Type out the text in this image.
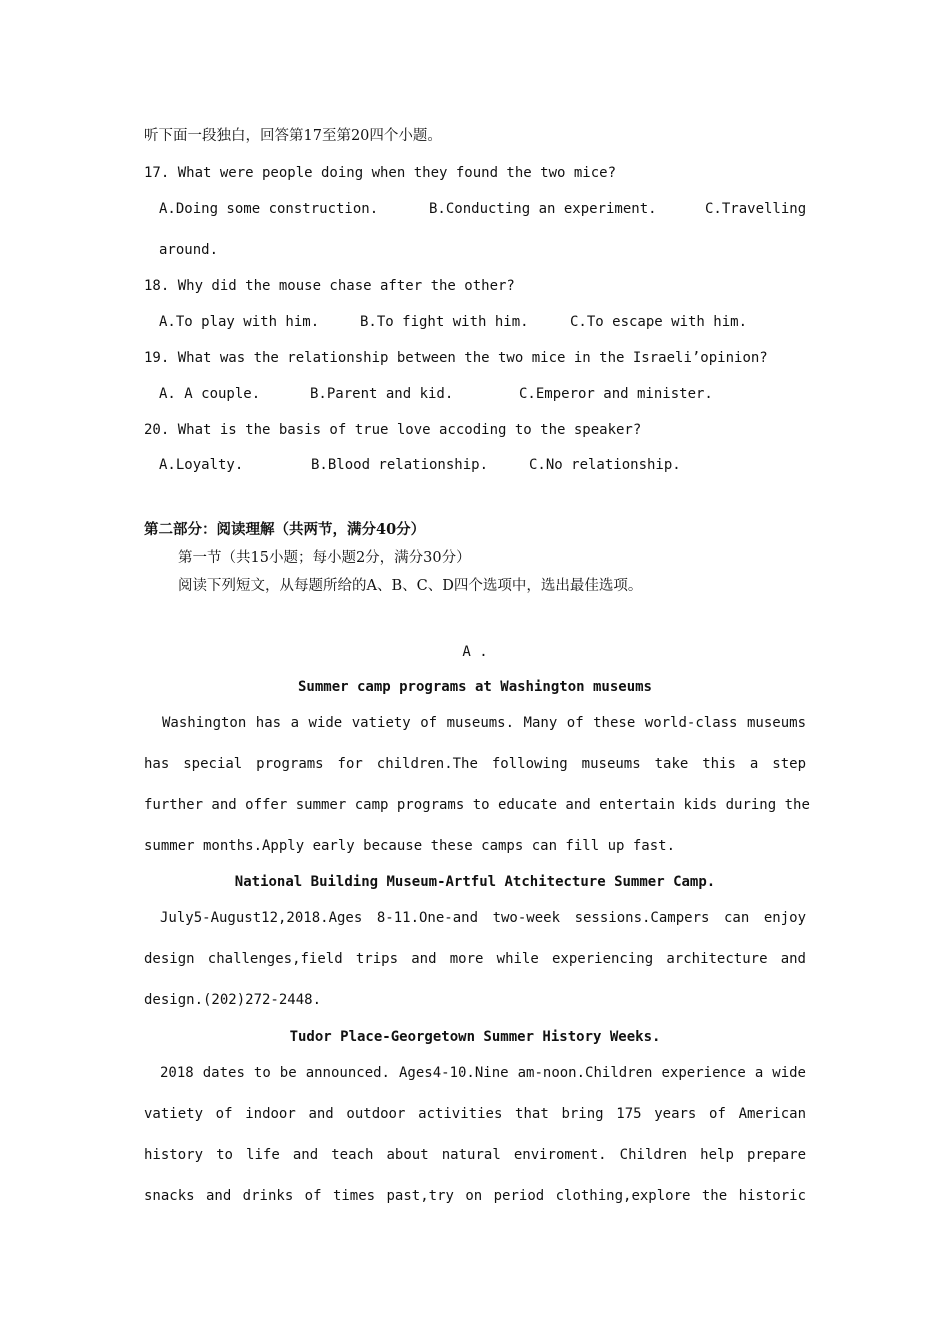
听下面一段独白，回答第17至第20四个小题。
17. What were people doing when they found the two mice?
A.Doing some construction.	B.Conducting an experiment.	C.Travelling
around.
18. Why did the mouse chase after the other?
A.To play with him.	B.To fight with him.	C.To escape with him.
19. What was the relationship between the two mice in the Israeli’opinion?
A. A couple.	B.Parent and kid.	C.Emperor and minister.
20. What is the basis of true love accoding to the speaker?
A.Loyalty.	B.Blood relationship.	C.No relationship.
第二部分：阅读理解（共两节，满分40分）
第一节（共15小题；每小题2分，满分30分）
阅读下列短文，从每题所给的A、B、C、D四个选项中，选出最佳选项。
A .
Summer camp programs at Washington museums
Washington has a wide vatiety of museums. Many of these world-class museums
has special programs for children.The following museums take this a step
further and offer summer camp programs to educate and entertain kids during the
summer months.Apply early because these camps can fill up fast.
National Building Museum-Artful Atchitecture Summer Camp.
July5-August12,2018.Ages 8-11.One-and two-week sessions.Campers can enjoy
design challenges,field trips and more while experiencing architecture and
design.(202)272-2448.
Tudor Place-Georgetown Summer History Weeks.
2018 dates to be announced. Ages4-10.Nine am-noon.Children experience a wide
vatiety of indoor and outdoor activities that bring 175 years of American
history to life and teach about natural enviroment. Children help prepare
snacks and drinks of times past,try on period clothing,explore the historic
